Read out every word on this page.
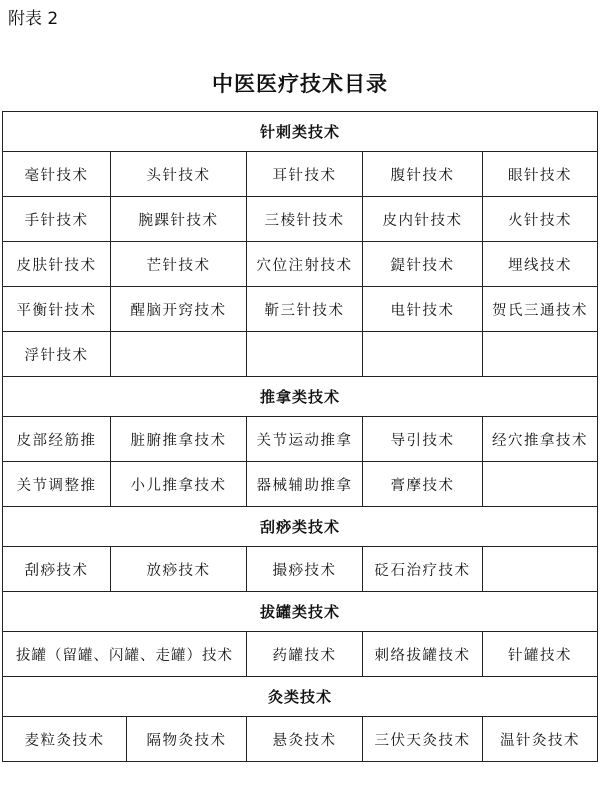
附表 2
中医医疗技术目录
针刺类技术					
毫针技术	头针技术		耳针技术	腹针技术	眼针技术
手针技术	腕踝针技术		三棱针技术	皮内针技术	火针技术
皮肤针技术	芒针技术		穴位注射技术	鍉针技术	埋线技术
平衡针技术	醒脑开窍技术		靳三针技术	电针技术	贺氏三通技术
浮针技术					
推拿类技术					
皮部经筋推	脏腑推拿技术		关节运动推拿	导引技术	经穴推拿技术
关节调整推	小儿推拿技术		器械辅助推拿	膏摩技术	
刮痧类技术					
刮痧技术	放痧技术		撮痧技术	砭石治疗技术	
拔罐类技术					
拔罐（留罐、闪罐、走罐）技术			药罐技术	刺络拔罐技术	针罐技术
灸类技术					
麦粒灸技术		隔物灸技术	悬灸技术	三伏天灸技术	温针灸技术
